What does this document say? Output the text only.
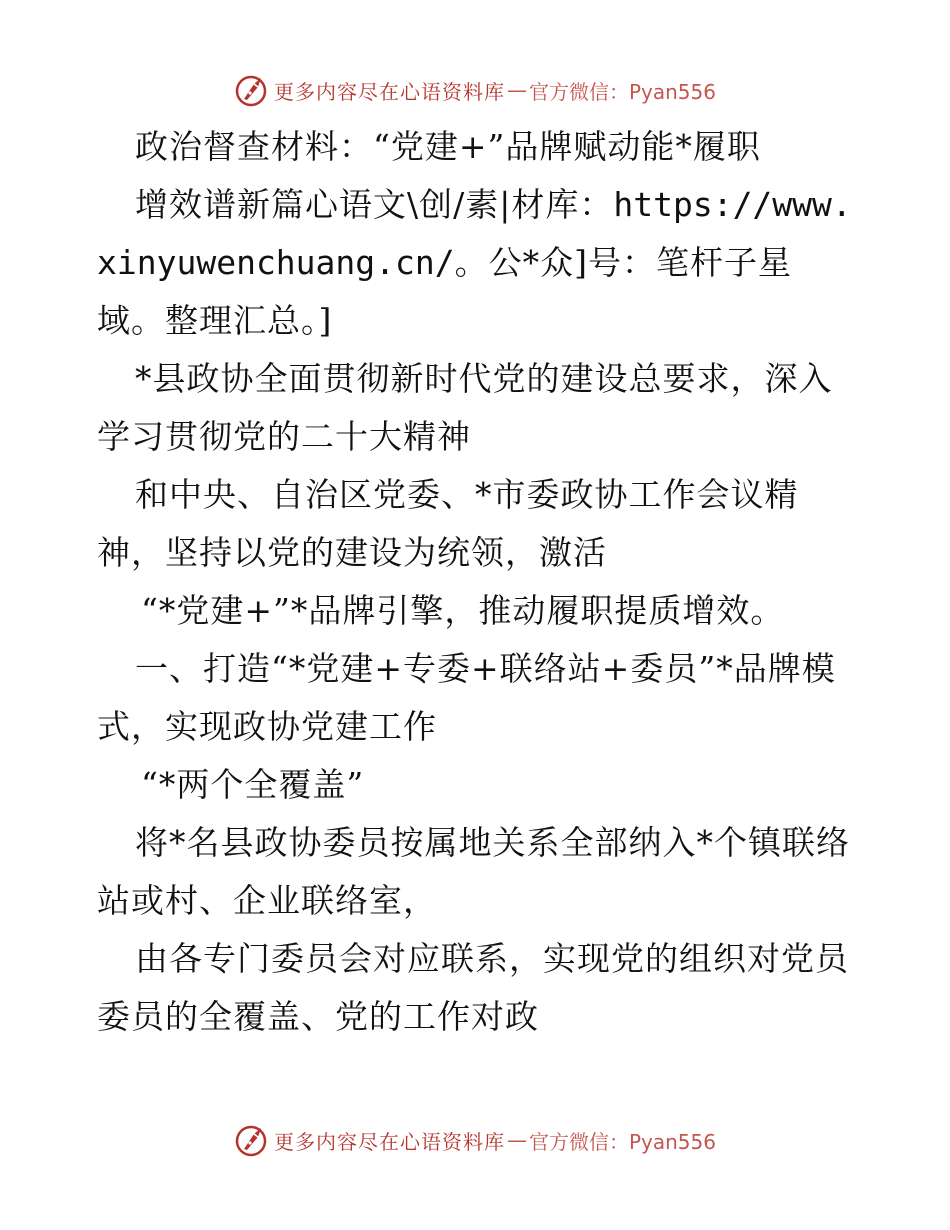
更多内容尽在心语资料库 — 官方微信：Pyan556

政治督查材料：“党建+”品牌赋动能*履职

增效谱新篇心语文\创/素|材库：https://www.xinyuwenchuang.cn/。公*众]号：笔杆子星域。整理汇总。]

*县政协全面贯彻新时代党的建设总要求，深入学习贯彻党的二十大精神

和中央、自治区党委、*市委政协工作会议精神，坚持以党的建设为统领，激活

“*党建+”*品牌引擎，推动履职提质增效。

一、打造“*党建+专委+联络站+委员”*品牌模式，实现政协党建工作

“*两个全覆盖”

将*名县政协委员按属地关系全部纳入*个镇联络站或村、企业联络室，

由各专门委员会对应联系，实现党的组织对党员委员的全覆盖、党的工作对政

更多内容尽在心语资料库 — 官方微信：Pyan556
